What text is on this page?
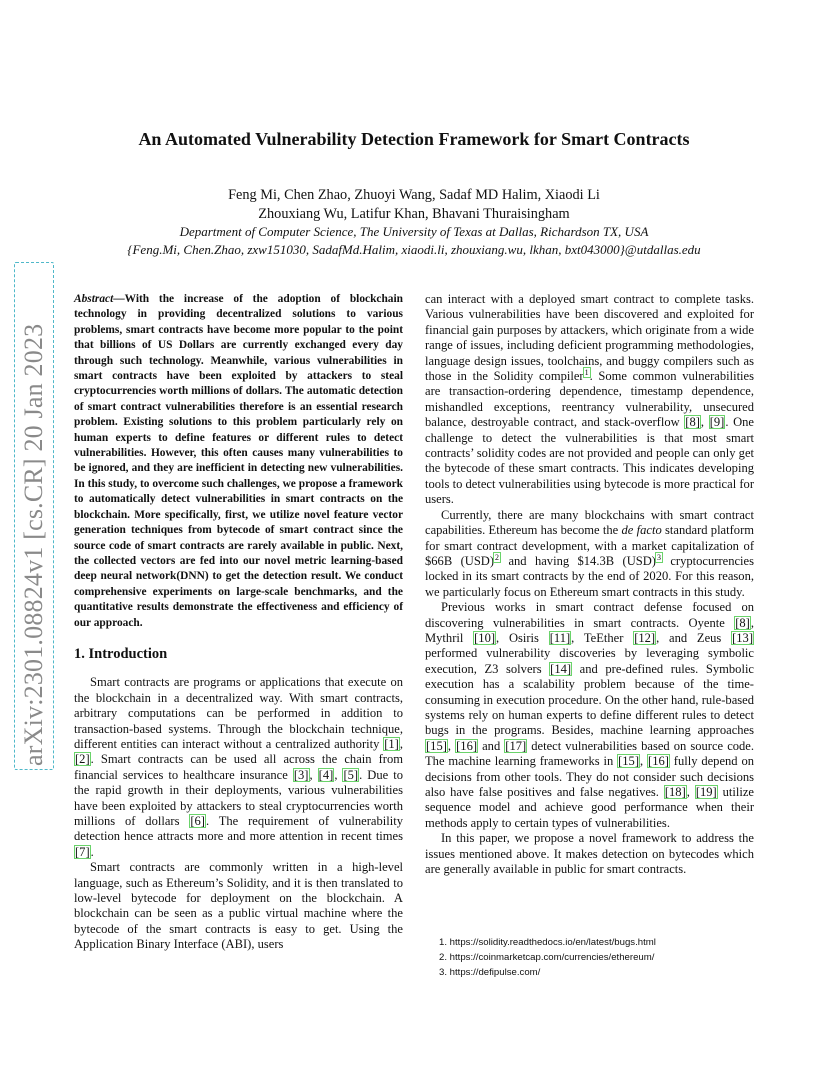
arXiv:2301.08824v1 [cs.CR] 20 Jan 2023
An Automated Vulnerability Detection Framework for Smart Contracts
Feng Mi, Chen Zhao, Zhuoyi Wang, Sadaf MD Halim, Xiaodi Li
Zhouxiang Wu, Latifur Khan, Bhavani Thuraisingham
Department of Computer Science, The University of Texas at Dallas, Richardson TX, USA
{Feng.Mi, Chen.Zhao, zxw151030, SadafMd.Halim, xiaodi.li, zhouxiang.wu, lkhan, bxt043000}@utdallas.edu

Abstract—With the increase of the adoption of blockchain technology in providing decentralized solutions to various problems, smart contracts have become more popular to the point that billions of US Dollars are currently exchanged every day through such technology. Meanwhile, various vulnerabilities in smart contracts have been exploited by attackers to steal cryptocurrencies worth millions of dollars. The automatic detection of smart contract vulnerabilities therefore is an essential research problem. Existing solutions to this problem particularly rely on human experts to define features or different rules to detect vulnerabilities. However, this often causes many vulnerabilities to be ignored, and they are inefficient in detecting new vulnerabilities. In this study, to overcome such challenges, we propose a framework to automatically detect vulnerabilities in smart contracts on the blockchain. More specifically, first, we utilize novel feature vector generation techniques from bytecode of smart contract since the source code of smart contracts are rarely available in public. Next, the collected vectors are fed into our novel metric learning-based deep neural network(DNN) to get the detection result. We conduct comprehensive experiments on large-scale benchmarks, and the quantitative results demonstrate the effectiveness and efficiency of our approach.

1. Introduction

Smart contracts are programs or applications that execute on the blockchain in a decentralized way. With smart contracts, arbitrary computations can be performed in addition to transaction-based systems. Through the blockchain technique, different entities can interact without a centralized authority [1], [2]. Smart contracts can be used all across the chain from financial services to healthcare insurance [3], [4], [5]. Due to the rapid growth in their deployments, various vulnerabilities have been exploited by attackers to steal cryptocurrencies worth millions of dollars [6]. The requirement of vulnerability detection hence attracts more and more attention in recent times [7].

Smart contracts are commonly written in a high-level language, such as Ethereum’s Solidity, and it is then translated to low-level bytecode for deployment on the blockchain. A blockchain can be seen as a public virtual machine where the bytecode of the smart contracts is easy to get. Using the Application Binary Interface (ABI), users

can interact with a deployed smart contract to complete tasks. Various vulnerabilities have been discovered and exploited for financial gain purposes by attackers, which originate from a wide range of issues, including deficient programming methodologies, language design issues, toolchains, and buggy compilers such as those in the Solidity compiler$^1$. Some common vulnerabilities are transaction-ordering dependence, timestamp dependence, mishandled exceptions, reentrancy vulnerability, unsecured balance, destroyable contract, and stack-overflow [8], [9]. One challenge to detect the vulnerabilities is that most smart contracts’ solidity codes are not provided and people can only get the bytecode of these smart contracts. This indicates developing tools to detect vulnerabilities using bytecode is more practical for users.

Currently, there are many blockchains with smart contract capabilities. Ethereum has become the de facto standard platform for smart contract development, with a market capitalization of $66B (USD)$^2$ and having $14.3B (USD)$^3$ cryptocurrencies locked in its smart contracts by the end of 2020. For this reason, we particularly focus on Ethereum smart contracts in this study.

Previous works in smart contract defense focused on discovering vulnerabilities in smart contracts. Oyente [8], Mythril [10], Osiris [11], TeEther [12], and Zeus [13] performed vulnerability discoveries by leveraging symbolic execution, Z3 solvers [14] and pre-defined rules. Symbolic execution has a scalability problem because of the time-consuming in execution procedure. On the other hand, rule-based systems rely on human experts to define different rules to detect bugs in the programs. Besides, machine learning approaches [15], [16] and [17] detect vulnerabilities based on source code. The machine learning frameworks in [15], [16] fully depend on decisions from other tools. They do not consider such decisions also have false positives and false negatives. [18], [19] utilize sequence model and achieve good performance when their methods apply to certain types of vulnerabilities.

In this paper, we propose a novel framework to address the issues mentioned above. It makes detection on bytecodes which are generally available in public for smart contracts.

1. https://solidity.readthedocs.io/en/latest/bugs.html
2. https://coinmarketcap.com/currencies/ethereum/
3. https://defipulse.com/
